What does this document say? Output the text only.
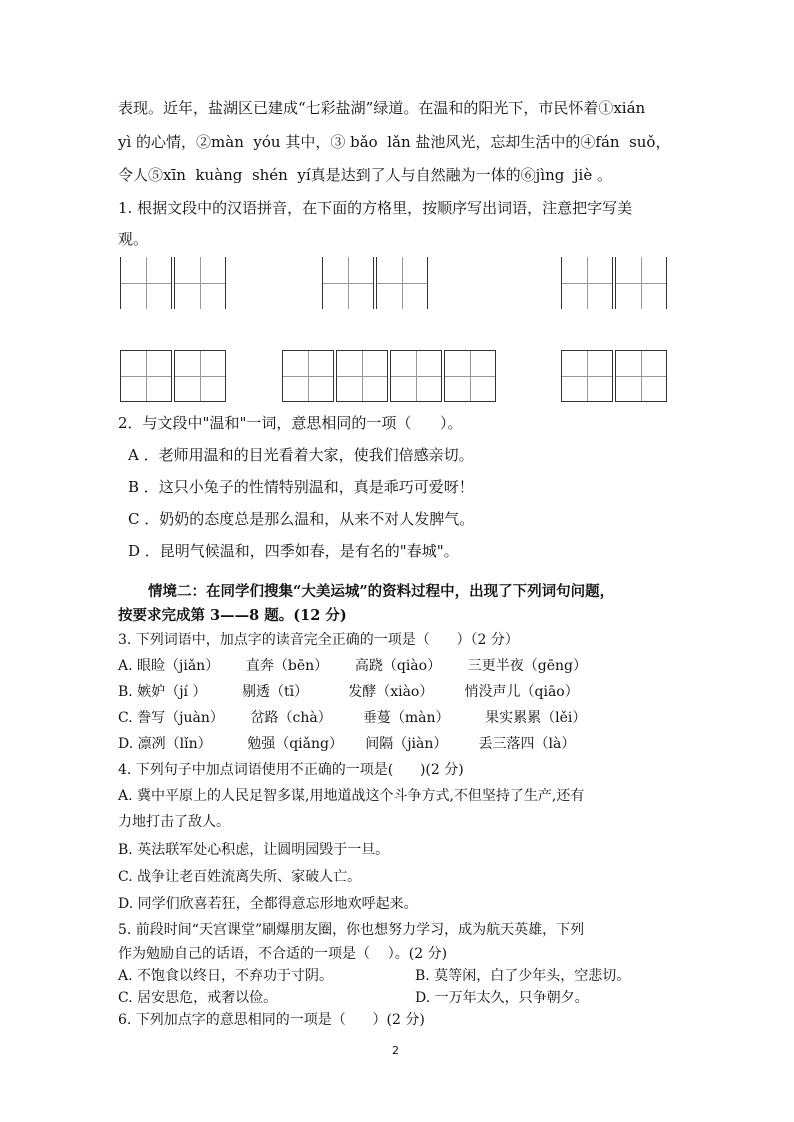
表现。近年，盐湖区已建成“七彩盐湖”绿道。在温和的阳光下，市民怀着①xián
yì 的心情，②màn  yóu 其中，③ bǎo  lǎn 盐池风光，忘却生活中的④fán  suǒ，
令人⑤xīn  kuàng  shén  yí真是达到了人与自然融为一体的⑥jìng  jiè 。
1. 根据文段中的汉语拼音，在下面的方格里，按顺序写出词语，注意把字写美
观。
2．与文段中"温和"一词，意思相同的一项（      ）。
A ．老师用温和的目光看着大家，使我们倍感亲切。
B ．这只小兔子的性情特别温和，真是乖巧可爱呀！
C ．奶奶的态度总是那么温和，从来不对人发脾气。
D ．昆明气候温和，四季如春，是有名的"春城"。
情境二：在同学们搜集“大美运城”的资料过程中，出现了下列词句问题，
按要求完成第 3——8 题。(12 分)
3. 下列词语中，加点字的读音完全正确的一项是（      ）（2 分）
A. 眼睑（jiǎn）      直奔（bēn）      高跷（qiào）      三更半夜（gēng）
B. 嫉妒（jí ）        剔透（tī）         发酵（xiào）       悄没声儿（qiāo）
C. 誊写（juàn）      岔路（chà）       垂蔓（màn）        果实累累（lěi）
D. 凛冽（lǐn）        勉强（qiǎng）     间隔（jiàn）       丢三落四（là）
4. 下列句子中加点词语使用不正确的一项是(      )(2 分)
A. 冀中平原上的人民足智多谋,用地道战这个斗争方式,不但坚持了生产,还有
力地打击了敌人。
B. 英法联军处心积虑，让圆明园毁于一旦。
C. 战争让老百姓流离失所、家破人亡。
D. 同学们欣喜若狂，全都得意忘形地欢呼起来。
5. 前段时间“天宫课堂”刷爆朋友圈，你也想努力学习，成为航天英雄，下列
作为勉励自己的话语，不合适的一项是（    ）。(2 分)
A. 不饱食以终日，不弃功于寸阴。	B. 莫等闲，白了少年头，空悲切。
C. 居安思危，戒奢以俭。	D. 一万年太久，只争朝夕。
6. 下列加点字的意思相同的一项是（      ）(2 分)
2
